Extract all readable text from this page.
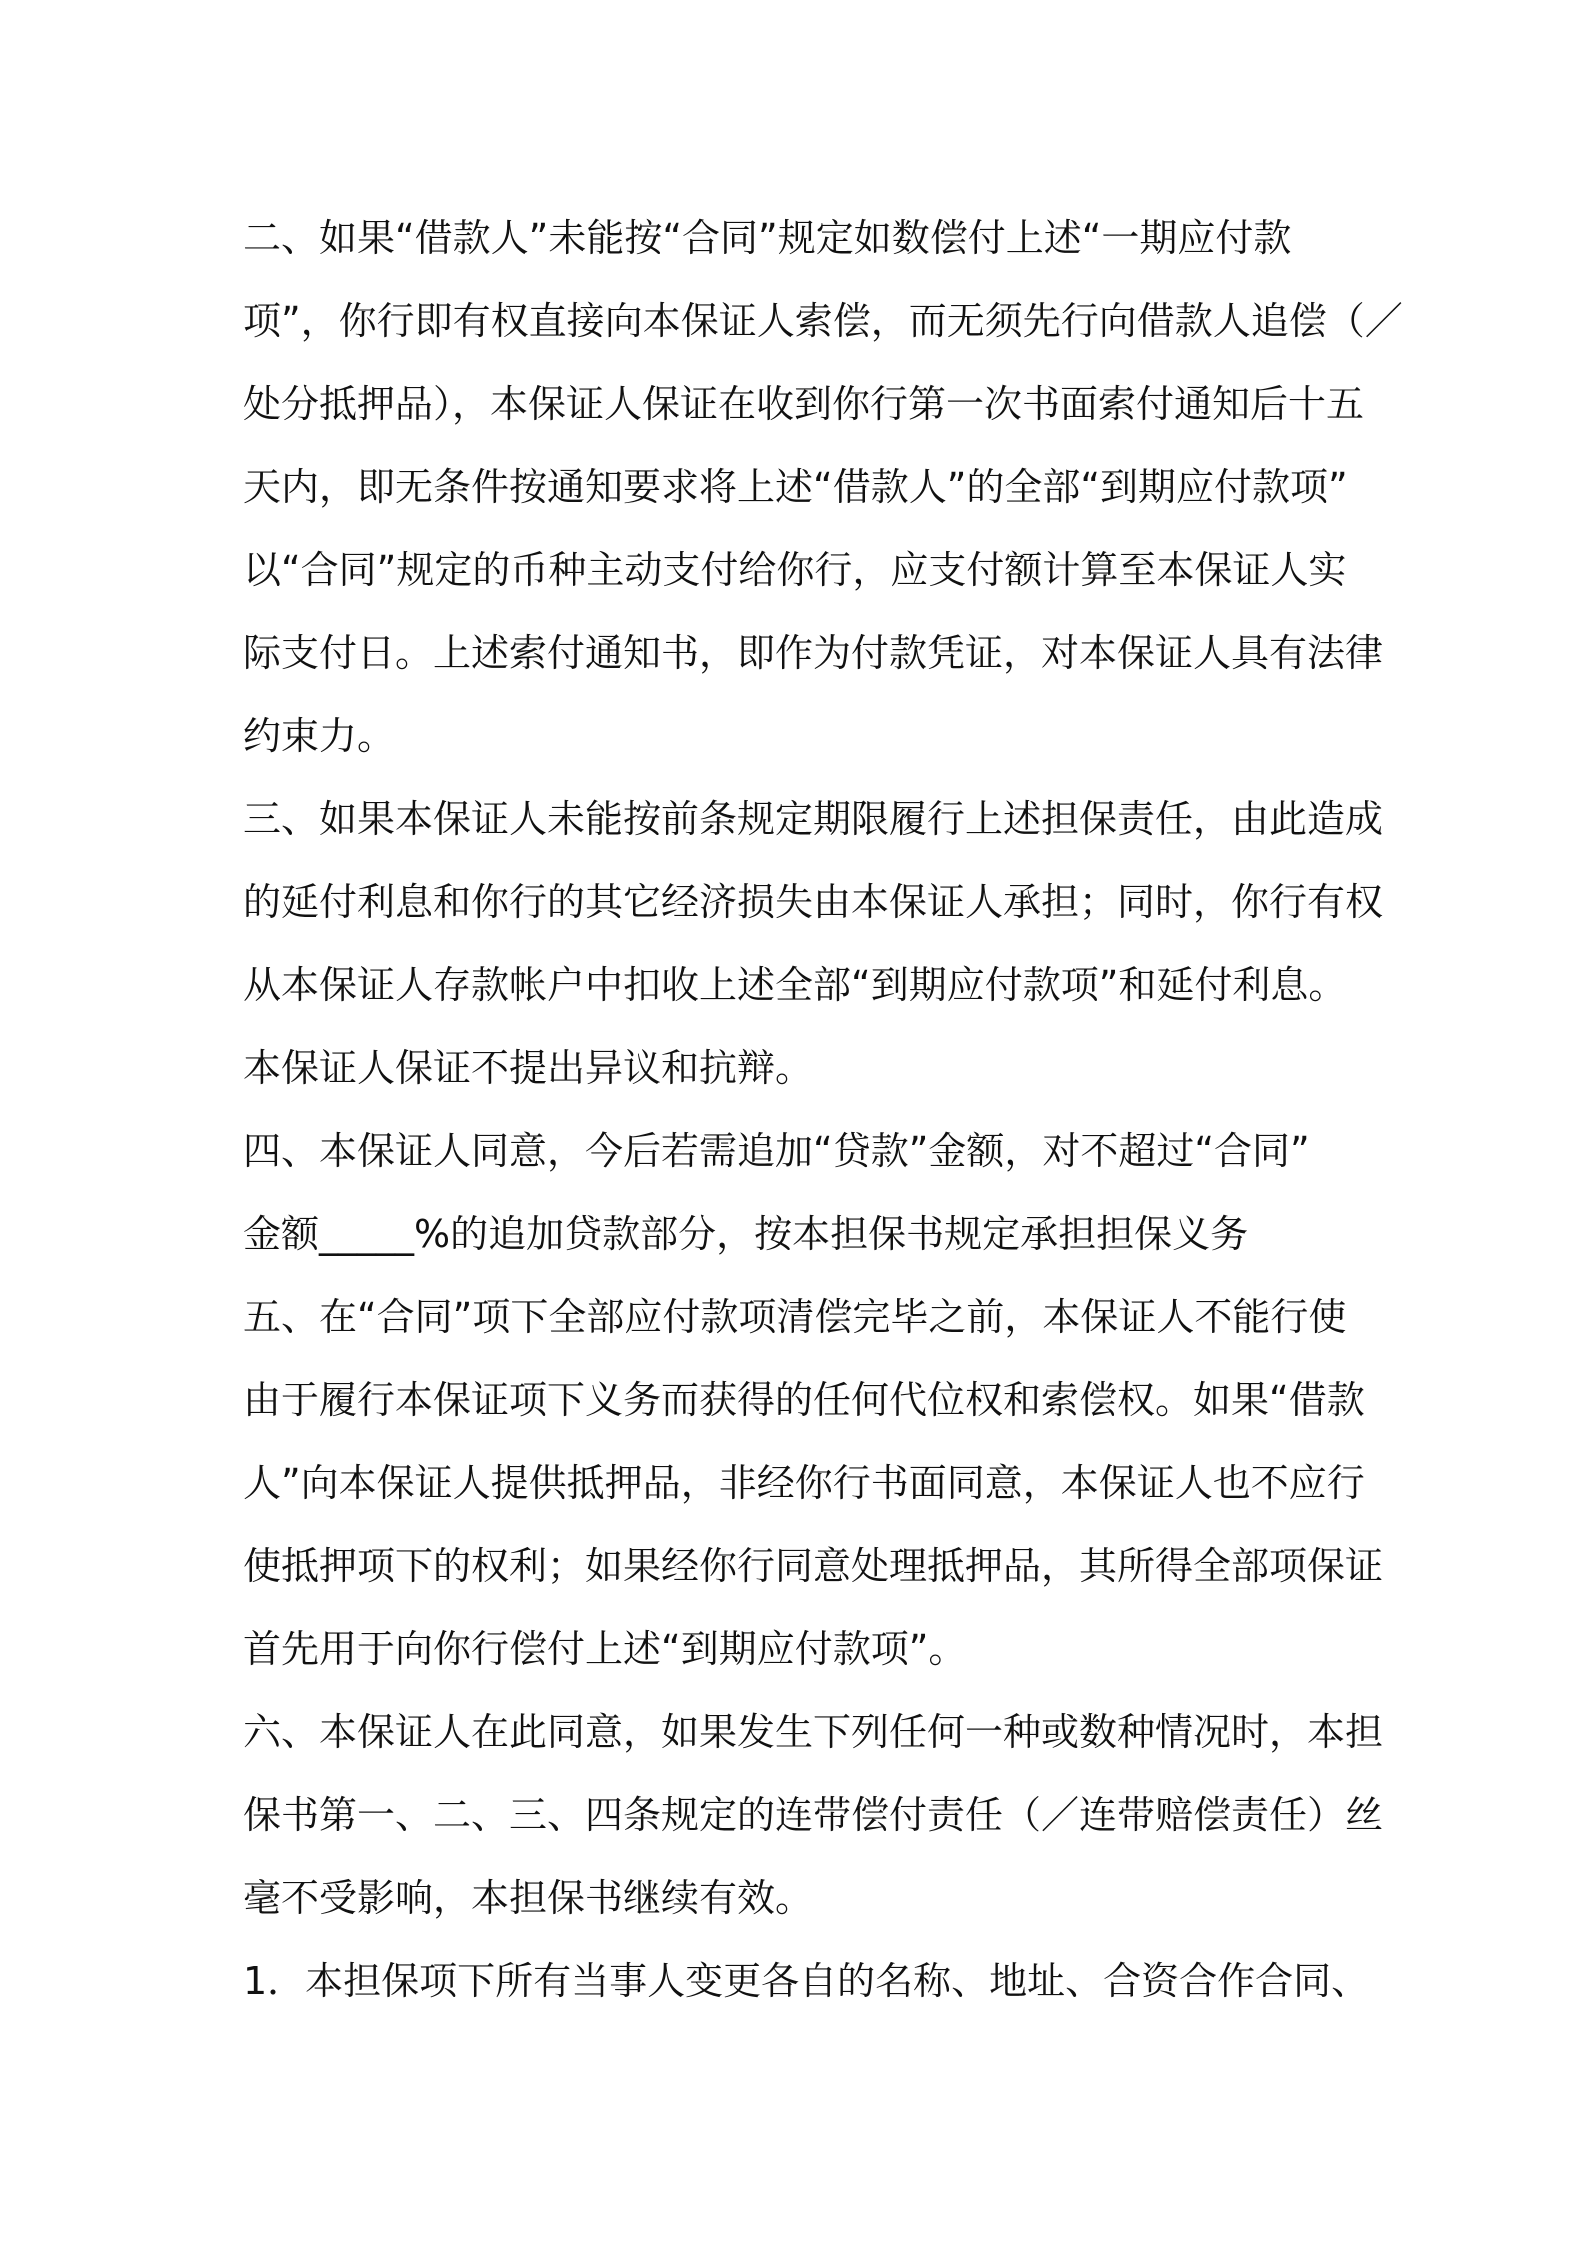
二、如果“借款人”未能按“合同”规定如数偿付上述“一期应付款
项”，你行即有权直接向本保证人索偿，而无须先行向借款人追偿（／
处分抵押品），本保证人保证在收到你行第一次书面索付通知后十五
天内，即无条件按通知要求将上述“借款人”的全部“到期应付款项”
以“合同”规定的币种主动支付给你行，应支付额计算至本保证人实
际支付日。上述索付通知书，即作为付款凭证，对本保证人具有法律
约束力。
三、如果本保证人未能按前条规定期限履行上述担保责任，由此造成
的延付利息和你行的其它经济损失由本保证人承担；同时，你行有权
从本保证人存款帐户中扣收上述全部“到期应付款项”和延付利息。
本保证人保证不提出异议和抗辩。
四、本保证人同意，今后若需追加“贷款”金额，对不超过“合同”
金额_____%的追加贷款部分，按本担保书规定承担担保义务
五、在“合同”项下全部应付款项清偿完毕之前，本保证人不能行使
由于履行本保证项下义务而获得的任何代位权和索偿权。如果“借款
人”向本保证人提供抵押品，非经你行书面同意，本保证人也不应行
使抵押项下的权利；如果经你行同意处理抵押品，其所得全部项保证
首先用于向你行偿付上述“到期应付款项”。
六、本保证人在此同意，如果发生下列任何一种或数种情况时，本担
保书第一、二、三、四条规定的连带偿付责任（／连带赔偿责任）丝
毫不受影响，本担保书继续有效。
1．本担保项下所有当事人变更各自的名称、地址、合资合作合同、
